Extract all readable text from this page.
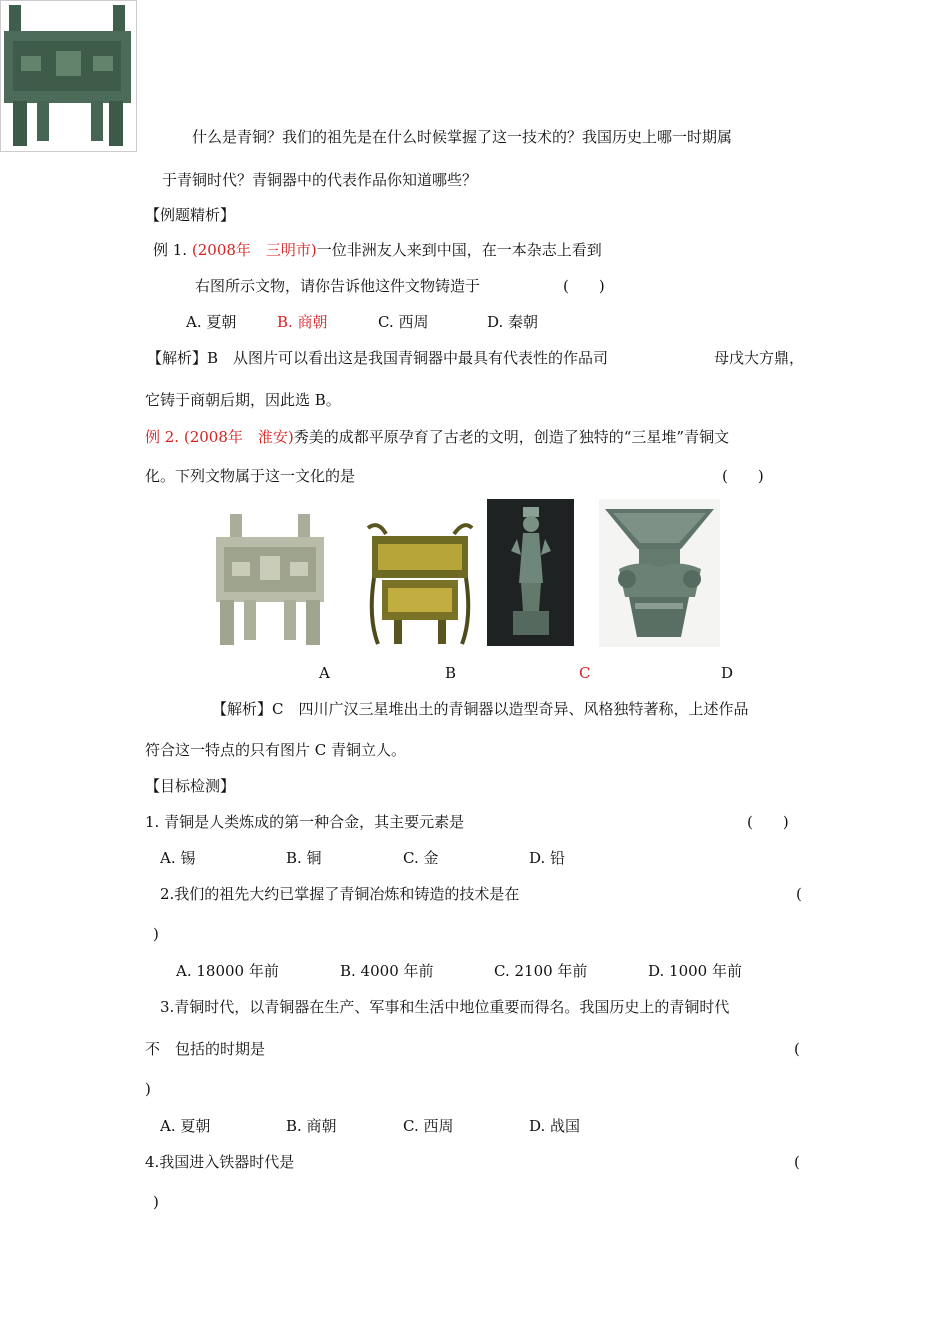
什么是青铜？我们的祖先是在什么时候掌握了这一技术的？我国历史上哪一时期属
于青铜时代？青铜器中的代表作品你知道哪些？
【例题精析】
例 1. (2008年　三明市)一位非洲友人来到中国，在一本杂志上看到
右图所示文物，请你告诉他这件文物铸造于	(　　)
A. 夏朝	B. 商朝	C. 西周	D. 秦朝
【解析】B　从图片可以看出这是我国青铜器中最具有代表性的作品司	母戊大方鼎，
它铸于商朝后期，因此选 B。
例 2. (2008年　淮安)秀美的成都平原孕育了古老的文明，创造了独特的“三星堆”青铜文
化。下列文物属于这一文化的是	(　　)
A	B	C	D
【解析】C　四川广汉三星堆出土的青铜器以造型奇异、风格独特著称，上述作品
符合这一特点的只有图片 C 青铜立人。
【目标检测】
1. 青铜是人类炼成的第一种合金，其主要元素是	(　　)
A. 锡	B. 铜	C. 金	D. 铅
2.我们的祖先大约已掌握了青铜冶炼和铸造的技术是在	(
)
A. 18000 年前	B. 4000 年前	C. 2100 年前	D. 1000 年前
3.青铜时代，以青铜器在生产、军事和生活中地位重要而得名。我国历史上的青铜时代
不　包括的时期是	(
)
A. 夏朝	B. 商朝	C. 西周	D. 战国
4.我国进入铁器时代是	(
)
